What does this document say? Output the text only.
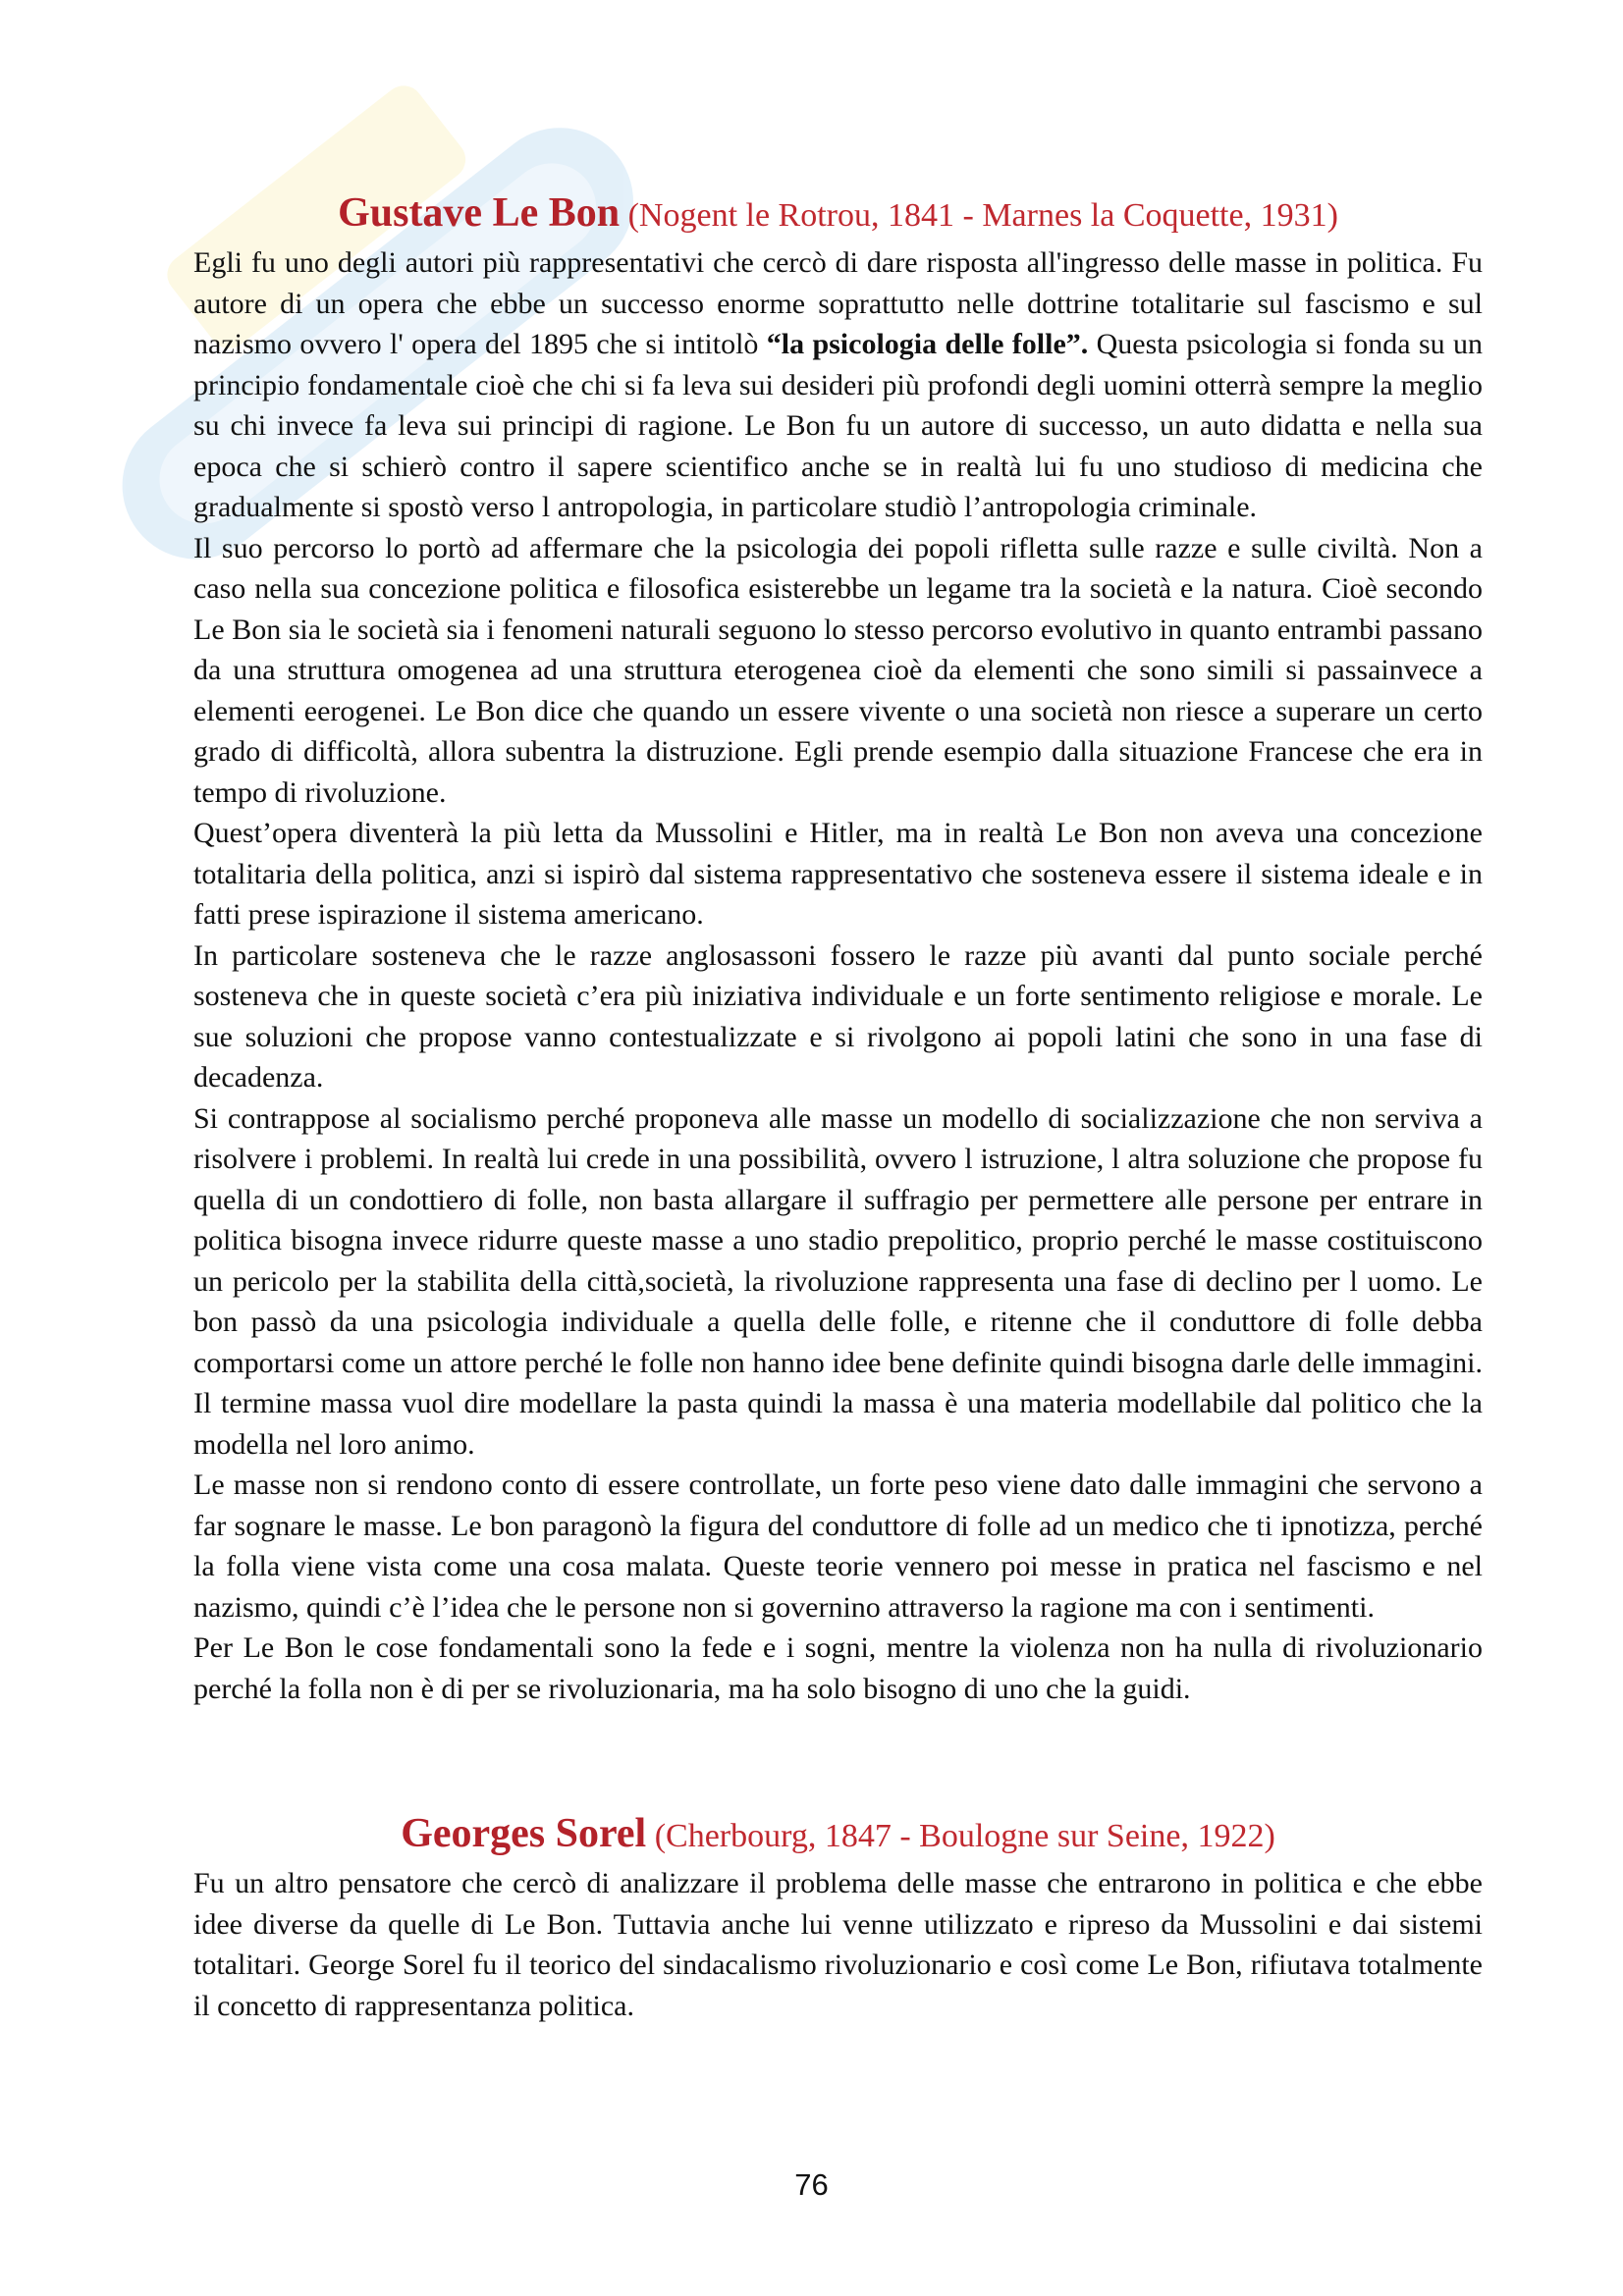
Gustave Le Bon (Nogent le Rotrou, 1841 - Marnes la Coquette, 1931)

Egli fu uno degli autori più rappresentativi che cercò di dare risposta all'ingresso delle masse in politica. Fu autore di un opera che ebbe un successo enorme soprattutto nelle dottrine totalitarie sul fascismo e sul nazismo ovvero l' opera del 1895 che si intitolò “la psicologia delle folle”. Questa psicologia si fonda su un principio fondamentale cioè che chi si fa leva sui desideri più profondi degli uomini otterrà sempre la meglio su chi invece fa leva sui principi di ragione. Le Bon fu un autore di successo, un auto didatta e nella sua epoca che si schierò contro il sapere scientifico anche se in realtà lui fu uno studioso di medicina che gradualmente si spostò verso l antropologia, in particolare studiò l’antropologia criminale.

Il suo percorso lo portò ad affermare che la psicologia dei popoli rifletta sulle razze e sulle civiltà. Non a caso nella sua concezione politica e filosofica esisterebbe un legame tra la società e la natura. Cioè secondo Le Bon sia le società sia i fenomeni naturali seguono lo stesso percorso evolutivo in quanto entrambi passano da una struttura omogenea ad una struttura eterogenea cioè da elementi che sono simili si passainvece a elementi eerogenei. Le Bon dice che quando un essere vivente o una società non riesce a superare un certo grado di difficoltà, allora subentra la distruzione. Egli prende esempio dalla situazione Francese che era in tempo di rivoluzione.

Quest’opera diventerà la più letta da Mussolini e Hitler, ma in realtà Le Bon non aveva una concezione totalitaria della politica, anzi si ispirò dal sistema rappresentativo che sosteneva essere il sistema ideale e in fatti prese ispirazione il sistema americano.

In particolare sosteneva che le razze anglosassoni fossero le razze più avanti dal punto sociale perché sosteneva che in queste società c’era più iniziativa individuale e un forte sentimento religiose e morale. Le sue soluzioni che propose vanno contestualizzate e si rivolgono ai popoli latini che sono in una fase di decadenza.

Si contrappose al socialismo perché proponeva alle masse un modello di socializzazione che non serviva a risolvere i problemi. In realtà lui crede in una possibilità, ovvero l istruzione, l altra soluzione che propose fu quella di un condottiero di folle, non basta allargare il suffragio per permettere alle persone per entrare in politica bisogna invece ridurre queste masse a uno stadio prepolitico, proprio perché le masse costituiscono un pericolo per la stabilita della città,società, la rivoluzione rappresenta una fase di declino per l uomo. Le bon passò da una psicologia individuale a quella delle folle, e ritenne che il conduttore di folle debba comportarsi come un attore perché le folle non hanno idee bene definite quindi bisogna darle delle immagini. Il termine massa vuol dire modellare la pasta quindi la massa è una materia modellabile dal politico che la modella nel loro animo.

Le masse non si rendono conto di essere controllate, un forte peso viene dato dalle immagini che servono a far sognare le masse. Le bon paragonò la figura del conduttore di folle ad un medico che ti ipnotizza, perché la folla viene vista come una cosa malata. Queste teorie vennero poi messe in pratica nel fascismo e nel nazismo, quindi c’è l’idea che le persone non si governino attraverso la ragione ma con i sentimenti.

Per Le Bon le cose fondamentali sono la fede e i sogni, mentre la violenza non ha nulla di rivoluzionario perché la folla non è di per se rivoluzionaria, ma ha solo bisogno di uno che la guidi.

Georges Sorel (Cherbourg, 1847 - Boulogne sur Seine, 1922)

Fu un altro pensatore che cercò di analizzare il problema delle masse che entrarono in politica e che ebbe idee diverse da quelle di Le Bon. Tuttavia anche lui venne utilizzato e ripreso da Mussolini e dai sistemi totalitari. George Sorel fu il teorico del sindacalismo rivoluzionario e così come Le Bon, rifiutava totalmente il concetto di rappresentanza politica.

76
